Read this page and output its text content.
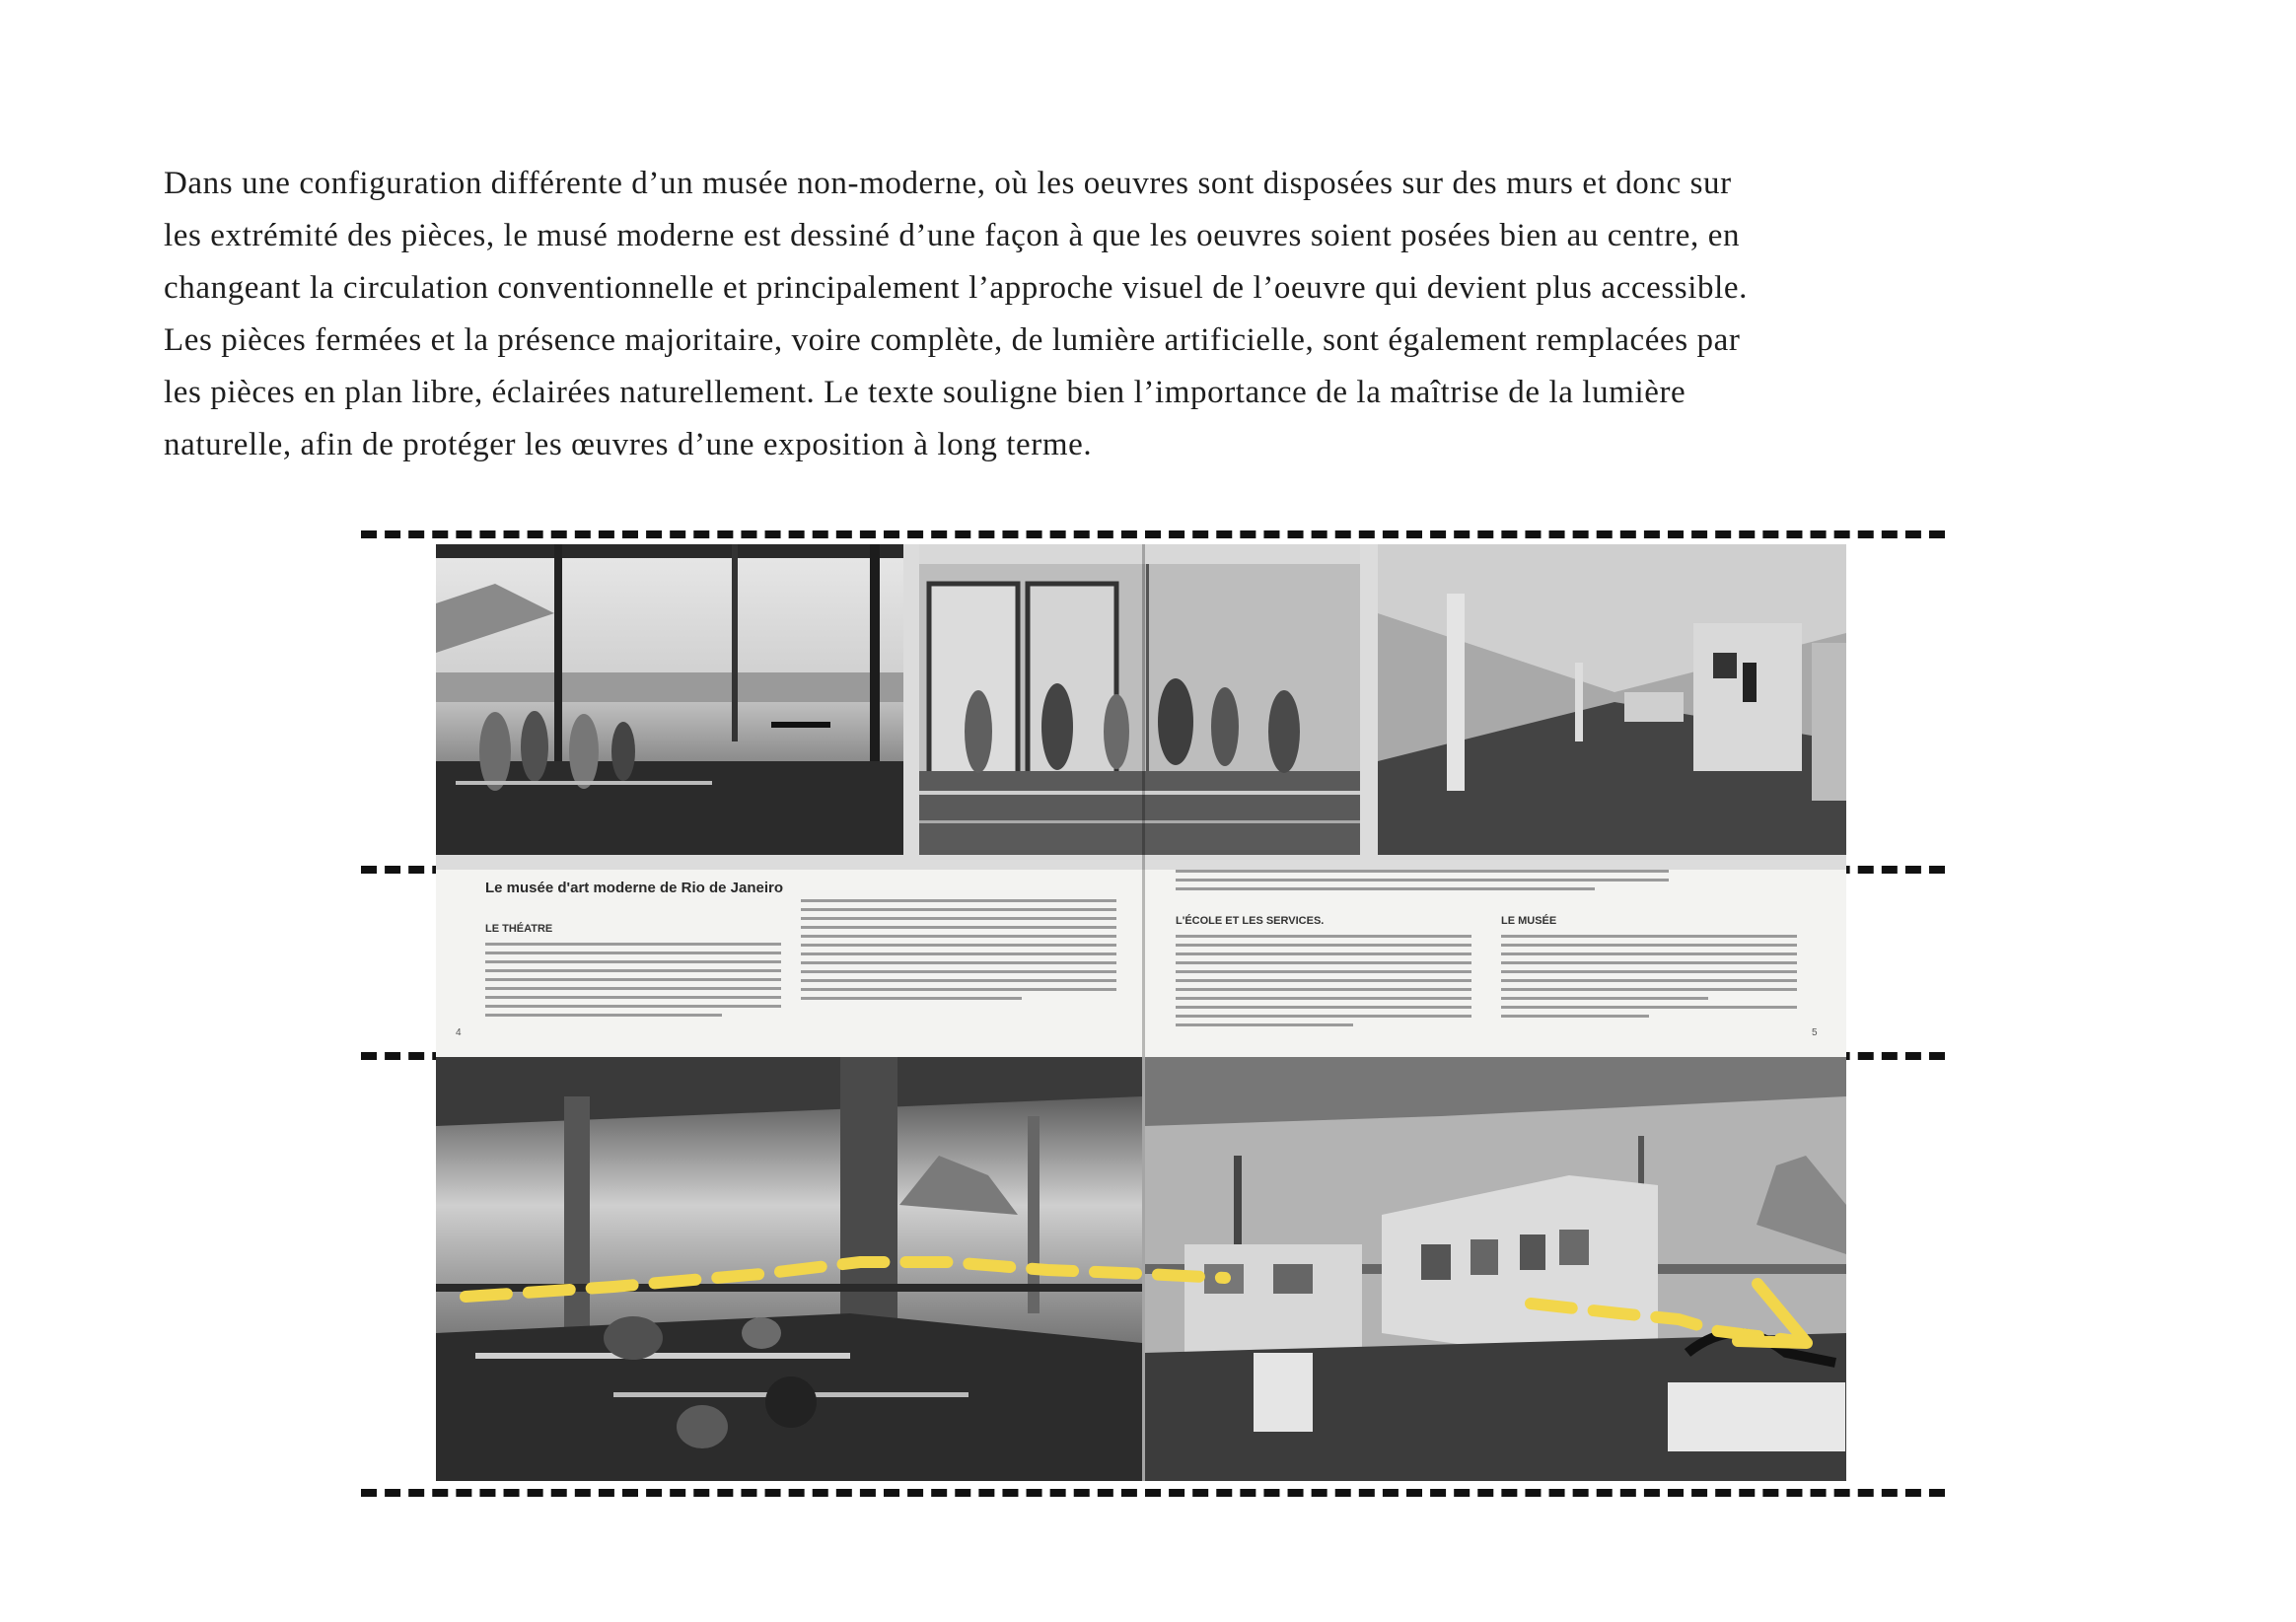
Dans une configuration différente d’un musée non-moderne, où les oeuvres sont disposées sur des murs et donc sur
les extrémité des pièces, le musé moderne est dessiné d’une façon à que les oeuvres soient posées bien au centre, en
changeant la circulation conventionnelle et principalement l’approche visuel de l’oeuvre qui devient plus accessible.
Les pièces fermées et la présence majoritaire, voire complète, de lumière artificielle, sont également remplacées par
les pièces en plan libre, éclairées naturellement. Le texte souligne bien l’importance de la maîtrise de la lumière
naturelle, afin de protéger les œuvres d’une exposition à long terme.

Le musée d'art moderne de Rio de Janeiro
LE THÉATRE
L'ÉCOLE ET LES SERVICES.	LE MUSÉE
4	5
